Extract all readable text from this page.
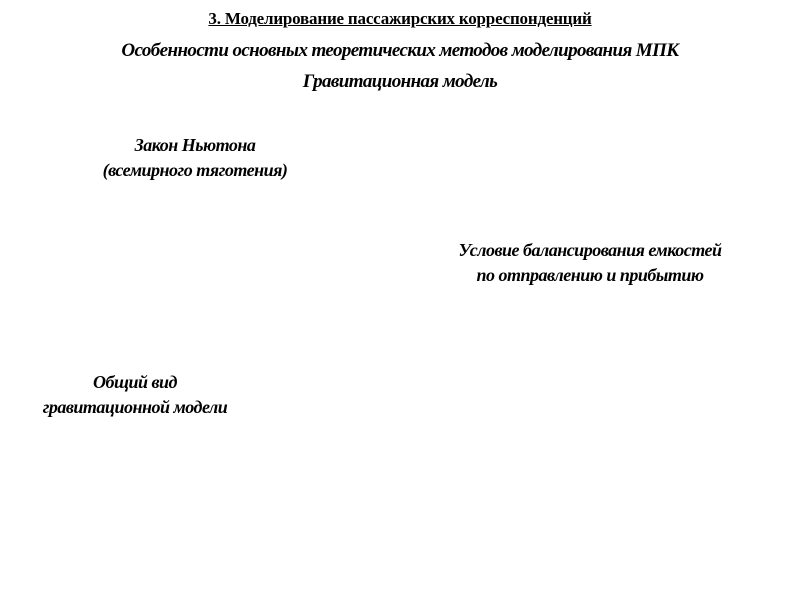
3. Моделирование пассажирских корреспонденций
Особенности основных теоретических методов моделирования МПК
Гравитационная модель
Закон Ньютона
(всемирного тяготения)
Условие балансирования емкостей
по отправлению и прибытию
Общий вид
гравитационной модели
